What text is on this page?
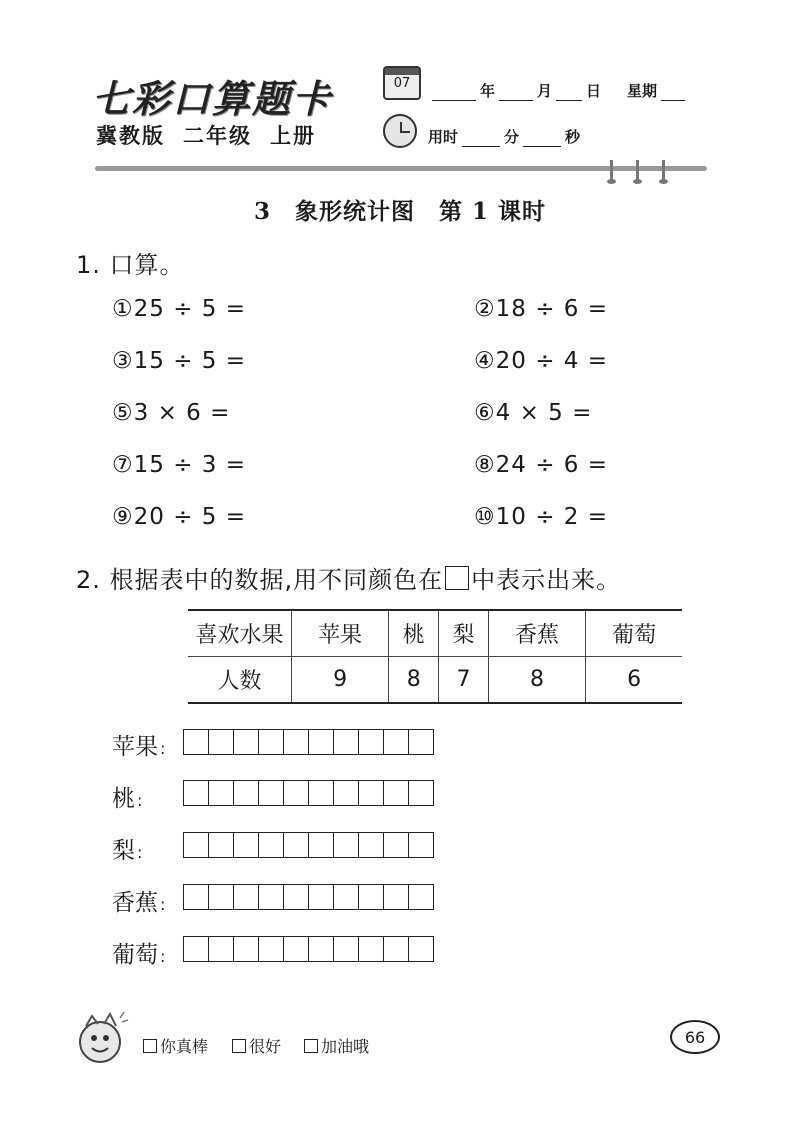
七彩口算题卡
冀教版 二年级 上册
07	年	月 日 星期
用时	分	秒
3　象形统计图　第 1 课时
1. 口算。
①25 ÷ 5 =	②18 ÷ 6 =
③15 ÷ 5 =	④20 ÷ 4 =
⑤3 × 6 =	⑥4 × 5 =
⑦15 ÷ 3 =	⑧24 ÷ 6 =
⑨20 ÷ 5 =	⑩10 ÷ 2 =
2. 根据表中的数据,用不同颜色在 中表示出来。
喜欢水果	苹果	桃	梨	香蕉	葡萄
人数	9	8	7	8	6
苹果 :
桃 :
梨 :
香蕉 :
葡萄 :
你真棒	很好 加油哦	66
